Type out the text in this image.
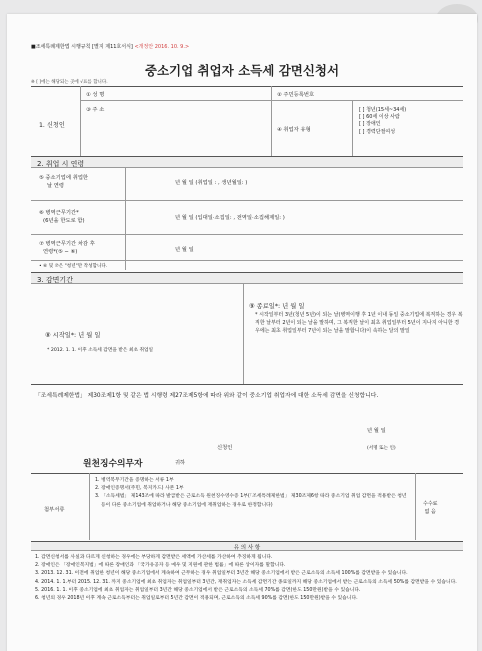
■조세특례제한법 시행규칙 [별지 제11호서식] <개정안 2016. 10. 9.>
중소기업 취업자 소득세 감면신청서
※ [ ]에는 해당되는 곳에 √표를 합니다.
1. 신청인
① 성 명	② 주민등록번호
③ 주 소
④ 취업자 유형
[ ] 청년(15세~34세)
[ ] 60세 이상 사람
[ ] 장애인
[ ] 경력단절여성
2. 취업 시 연령
⑤ 중소기업에 취업한
날 연령	년 월 일 (취업일 : , 생년월일: )
⑥ 병역근무기간*
(6년을 한도로 함)	년 월 일 (입대일·소집일: , 전역일·소집해제일: )
⑦ 병역근무기간 차감 후
연령*(⑤ − ⑥)	년 월 일
• ⑥ 및 ⑦은 "청년"만 작성합니다.
3. 감면기간
⑧ 시작일*: 년 월 일
* 2012. 1. 1. 이후 소득세 감면을 받은 최초 취업일
⑨ 종료일*: 년 월 일
* 시작일부터 3년(청년 5년)이 되는 날(병역이행 후 1년 이내 동일 중소기업에 복직하는 경우 복직한 날부터 2년이 되는 날을 말하며, 그 복직한 날이 최초 취업일부터 5년이 지나지 아니한 경우에는 최초 취업일부터 7년이 되는 날을 말합니다)이 속하는 달의 말일
「조세특례제한법」 제30조제1항 및 같은 법 시행령 제27조제5항에 따라 위와 같이 중소기업 취업자에 대한 소득세 감면을 신청합니다.
년 월 일
신청인	(서명 또는 인)
원천징수의무자	귀하
첨부서류
1. 병역복무기간을 증명하는 서류 1부
2. 장애인증명서(주민, 복지카드) 사본 1부
3. 「소득세법」 제143조에 따라 발급받은 근로소득 원천징수영수증 1부(「조세특례제한법」 제30조제6항 따라 중소기업 취업 감면을 적용받은 청년 등이 다른 중소기업에 취업하거나 해당 중소기업에 재취업하는 경우로 한정합니다)	수수료
없 음
유 의 사 항
1. 감면신청서를 사실과 다르게 신청하는 경우에는 부당하게 감면받은 세액에 가산세를 가산하여 추징하게 됩니다.
2. 장애인은 「장애인복지법」에 따른 장애인과 「국가유공자 등 예우 및 지원에 관한 법률」에 따른 상이자를 말합니다.
3. 2013. 12. 31. 이전에 취업한 청년이 해당 중소기업에서 계속하여 근무하는 경우 취업일부터 3년간 해당 중소기업에서 받은 근로소득의 소득세 100%를 감면받을 수 있습니다.
4. 2014. 1. 1.부터 2015. 12. 31. 까지 중소기업에 최초 취업자는 취업일부터 3년간, 재취업자는 소득세 감면기간 종료일까지 해당 중소기업에서 받는 근로소득의 소득세 50%를 감면받을 수 있습니다.
5. 2016. 1. 1. 이후 중소기업에 최초 취업자는 취업일부터 3년간 해당 중소기업에서 받은 근로소득의 소득세 70%를 감면(한도 150만원)받을 수 있습니다.
6. 청년의 경우 2018년 이후 계속 근로소득부터는 취업일로부터 5년간 감면이 적용되며, 근로소득의 소득세 90%를 감면(한도 150만원)받을 수 있습니다.
